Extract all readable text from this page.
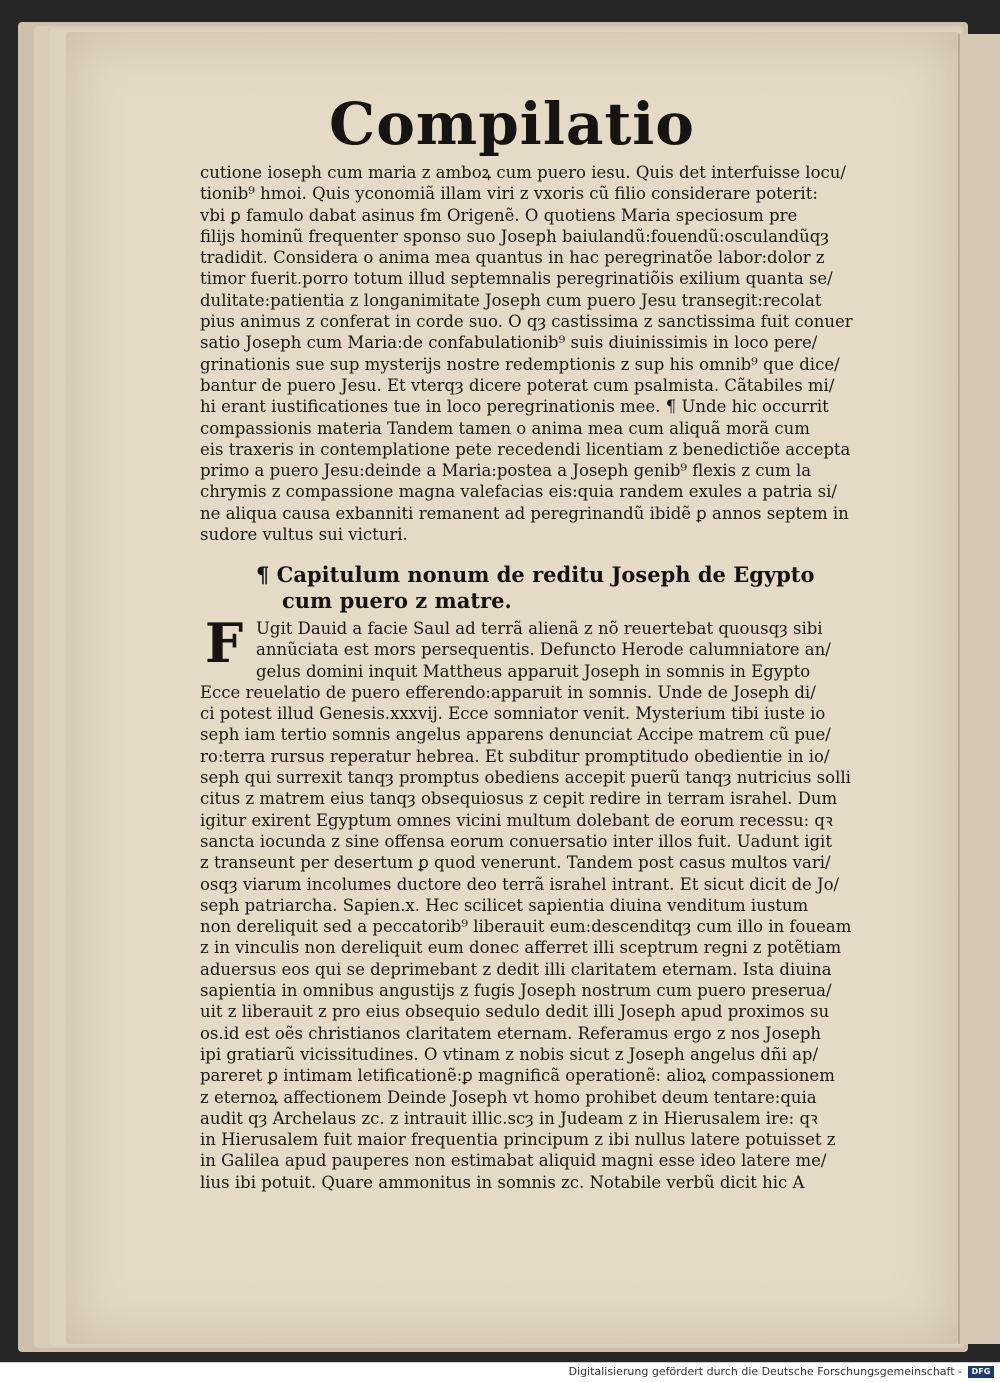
Compilatio
cutione ioseph cum maria z amboꝝ cum puero iesu. Quis det interfuisse locu/
tionib⁹ hmoi. Quis yconomiã illam viri z vxoris cũ filio considerare poterit:
vbi ꝑ famulo dabat asinus ẜm Origenẽ. O quotiens Maria speciosum pre
filijs hominũ frequenter sponso suo Joseph baiulandũ:fouendũ:osculandũqȝ
tradidit. Considera o anima mea quantus in hac peregrinatõe labor:dolor z
timor fuerit.porro totum illud septemnalis peregrinatiõis exilium quanta se/
dulitate:patientia z longanimitate Joseph cum puero Jesu transegit:recolat
pius animus z conferat in corde suo. O qȝ castissima z sanctissima fuit conuer
satio Joseph cum Maria:de confabulationib⁹ suis diuinissimis in loco pere/
grinationis sue sup mysterijs nostre redemptionis z sup his omnib⁹ que dice/
bantur de puero Jesu. Et vterqȝ dicere poterat cum psalmista. Cãtabiles mi/
hi erant iustificationes tue in loco peregrinationis mee. ¶ Unde hic occurrit
compassionis materia Tandem tamen o anima mea cum aliquã morã cum
eis traxeris in contemplatione pete recedendi licentiam z benedictiõe accepta
primo a puero Jesu:deinde a Maria:postea a Joseph genib⁹ flexis z cum la
chrymis z compassione magna valefacias eis:quia randem exules a patria si/
ne aliqua causa exbanniti remanent ad peregrinandũ ibidẽ ꝑ annos septem in
sudore vultus sui victuri.
¶ Capitulum nonum de reditu Joseph de Egypto
cum puero z matre.
F Ugit Dauid a facie Saul ad terrã alienã z nõ reuertebat quousqȝ sibi
annũciata est mors persequentis. Defuncto Herode calumniatore an/
gelus domini inquit Mattheus apparuit Joseph in somnis in Egypto
Ecce reuelatio de puero efferendo:apparuit in somnis. Unde de Joseph di/
ci potest illud Genesis.xxxvij. Ecce somniator venit. Mysterium tibi iuste io
seph iam tertio somnis angelus apparens denunciat Accipe matrem cũ pue/
ro:terra rursus reperatur hebrea. Et subditur promptitudo obedientie in io/
seph qui surrexit tanqȝ promptus obediens accepit puerũ tanqȝ nutricius solli
citus z matrem eius tanqȝ obsequiosus z cepit redire in terram israhel. Dum
igitur exirent Egyptum omnes vicini multum dolebant de eorum recessu: qꝛ
sancta iocunda z sine offensa eorum conuersatio inter illos fuit. Uadunt igit
z transeunt per desertum ꝑ quod venerunt. Tandem post casus multos vari/
osqȝ viarum incolumes ductore deo terrã israhel intrant. Et sicut dicit de Jo/
seph patriarcha. Sapien.x. Hec scilicet sapientia diuina venditum iustum
non dereliquit sed a peccatorib⁹ liberauit eum:descenditqȝ cum illo in foueam
z in vinculis non dereliquit eum donec afferret illi sceptrum regni z potẽtiam
aduersus eos qui se deprimebant z dedit illi claritatem eternam. Ista diuina
sapientia in omnibus angustijs z fugis Joseph nostrum cum puero preserua/
uit z liberauit z pro eius obsequio sedulo dedit illi Joseph apud proximos su
os.id est oẽs christianos claritatem eternam. Referamus ergo z nos Joseph
ipi gratiarũ vicissitudines. O vtinam z nobis sicut z Joseph angelus dñi ap/
pareret ꝑ intimam letificationẽ:ꝑ magnificã operationẽ: alioꝝ compassionem
z eternoꝝ affectionem Deinde Joseph vt homo prohibet deum tentare:quia
audit qȝ Archelaus zc. z intrauit illic.scȝ in Judeam z in Hierusalem ire: qꝛ
in Hierusalem fuit maior frequentia principum z ibi nullus latere potuisset z
in Galilea apud pauperes non estimabat aliquid magni esse ideo latere me/
lius ibi potuit. Quare ammonitus in somnis zc. Notabile verbũ dicit hic A
Digitalisierung gefördert durch die Deutsche Forschungsgemeinschaft -	DFG
